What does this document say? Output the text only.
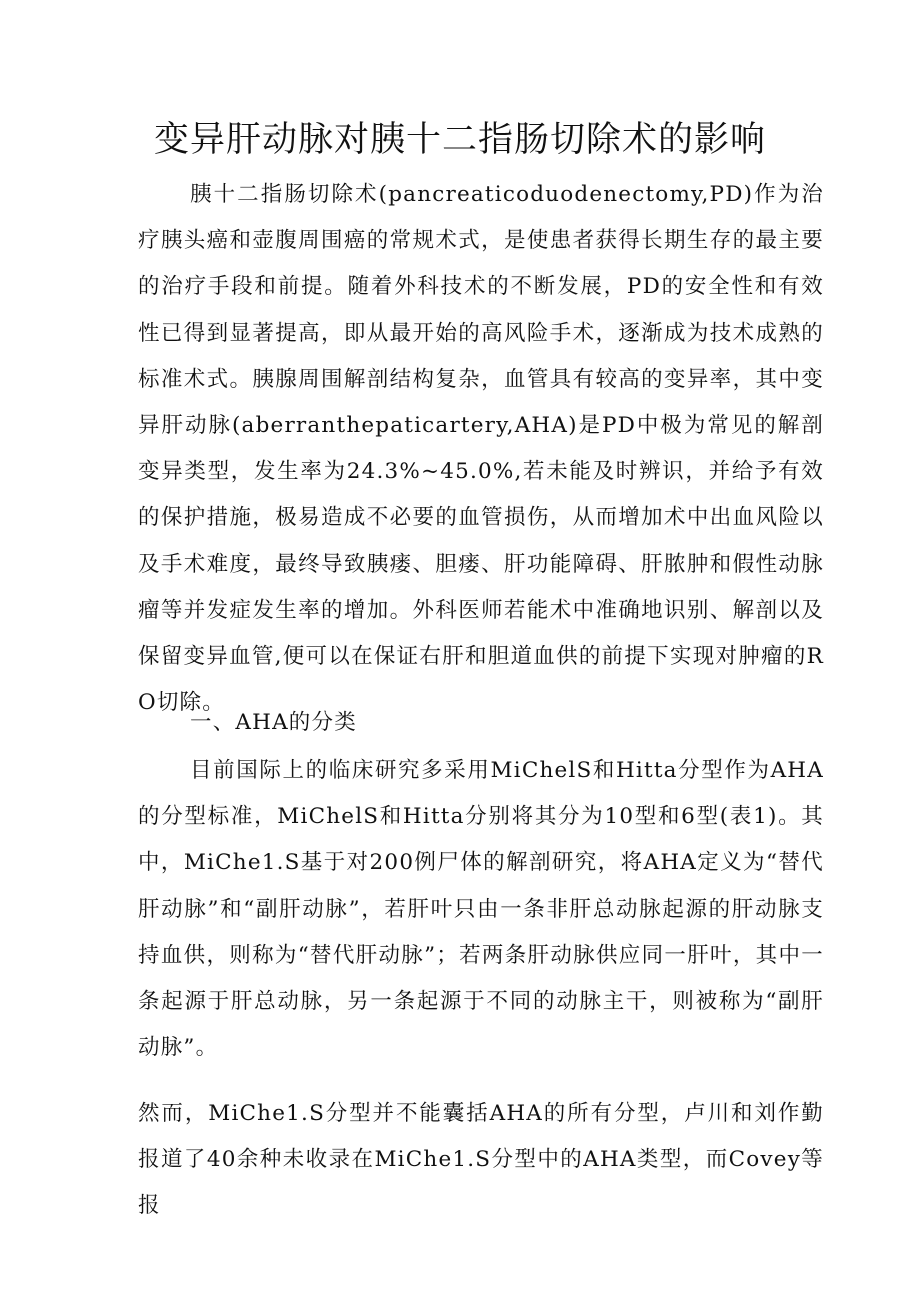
变异肝动脉对胰十二指肠切除术的影响

胰十二指肠切除术(pancreaticoduodenectomy,PD)作为治疗胰头癌和壶腹周围癌的常规术式，是使患者获得长期生存的最主要的治疗手段和前提。随着外科技术的不断发展，PD的安全性和有效性已得到显著提高，即从最开始的高风险手术，逐渐成为技术成熟的标准术式。胰腺周围解剖结构复杂，血管具有较高的变异率，其中变异肝动脉(aberranthepaticartery,AHA)是PD中极为常见的解剖变异类型，发生率为24.3%~45.0%,若未能及时辨识，并给予有效的保护措施，极易造成不必要的血管损伤，从而增加术中出血风险以及手术难度，最终导致胰瘘、胆瘘、肝功能障碍、肝脓肿和假性动脉瘤等并发症发生率的增加。外科医师若能术中准确地识别、解剖以及保留变异血管,便可以在保证右肝和胆道血供的前提下实现对肿瘤的RO切除。

一、AHA的分类

目前国际上的临床研究多采用MiChelS和Hitta分型作为AHA的分型标准，MiChelS和Hitta分别将其分为10型和6型(表1)。其中，MiChe1.S基于对200例尸体的解剖研究，将AHA定义为“替代肝动脉”和“副肝动脉”，若肝叶只由一条非肝总动脉起源的肝动脉支持血供，则称为“替代肝动脉”；若两条肝动脉供应同一肝叶，其中一条起源于肝总动脉，另一条起源于不同的动脉主干，则被称为“副肝动脉”。

然而，MiChe1.S分型并不能囊括AHA的所有分型，卢川和刘作勤报道了40余种未收录在MiChe1.S分型中的AHA类型，而Covey等报
